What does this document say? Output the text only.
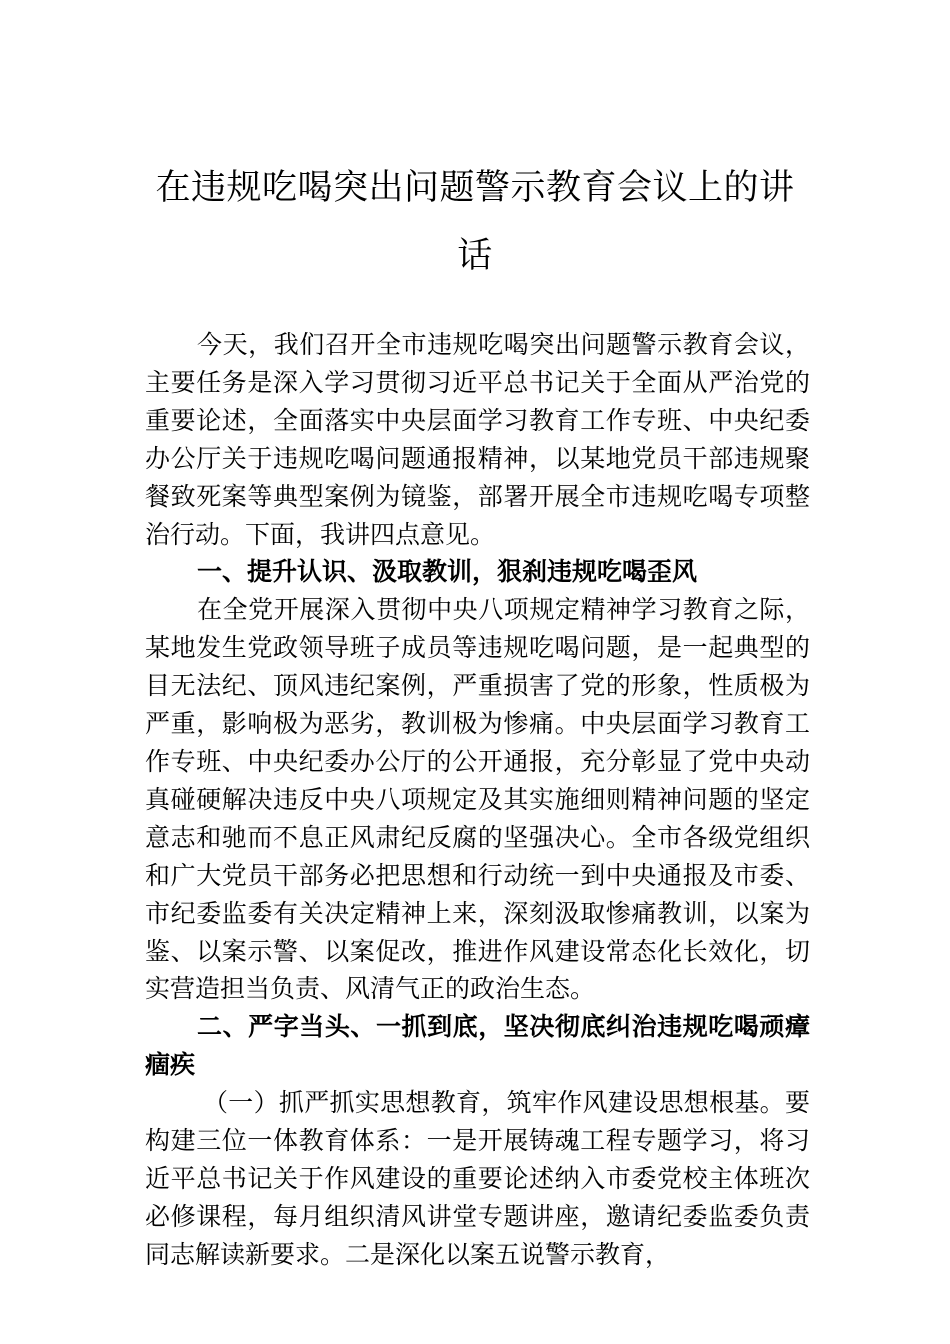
在违规吃喝突出问题警示教育会议上的讲
话

今天，我们召开全市违规吃喝突出问题警示教育会议，主要任务是深入学习贯彻习近平总书记关于全面从严治党的重要论述，全面落实中央层面学习教育工作专班、中央纪委办公厅关于违规吃喝问题通报精神，以某地党员干部违规聚餐致死案等典型案例为镜鉴，部署开展全市违规吃喝专项整治行动。下面，我讲四点意见。

一、提升认识、汲取教训，狠刹违规吃喝歪风

在全党开展深入贯彻中央八项规定精神学习教育之际，某地发生党政领导班子成员等违规吃喝问题，是一起典型的目无法纪、顶风违纪案例，严重损害了党的形象，性质极为严重，影响极为恶劣，教训极为惨痛。中央层面学习教育工作专班、中央纪委办公厅的公开通报，充分彰显了党中央动真碰硬解决违反中央八项规定及其实施细则精神问题的坚定意志和驰而不息正风肃纪反腐的坚强决心。全市各级党组织和广大党员干部务必把思想和行动统一到中央通报及市委、市纪委监委有关决定精神上来，深刻汲取惨痛教训，以案为鉴、以案示警、以案促改，推进作风建设常态化长效化，切实营造担当负责、风清气正的政治生态。

二、严字当头、一抓到底，坚决彻底纠治违规吃喝顽瘴痼疾

（一）抓严抓实思想教育，筑牢作风建设思想根基。要构建三位一体教育体系：一是开展铸魂工程专题学习，将习近平总书记关于作风建设的重要论述纳入市委党校主体班次必修课程，每月组织清风讲堂专题讲座，邀请纪委监委负责同志解读新要求。二是深化以案五说警示教育，
